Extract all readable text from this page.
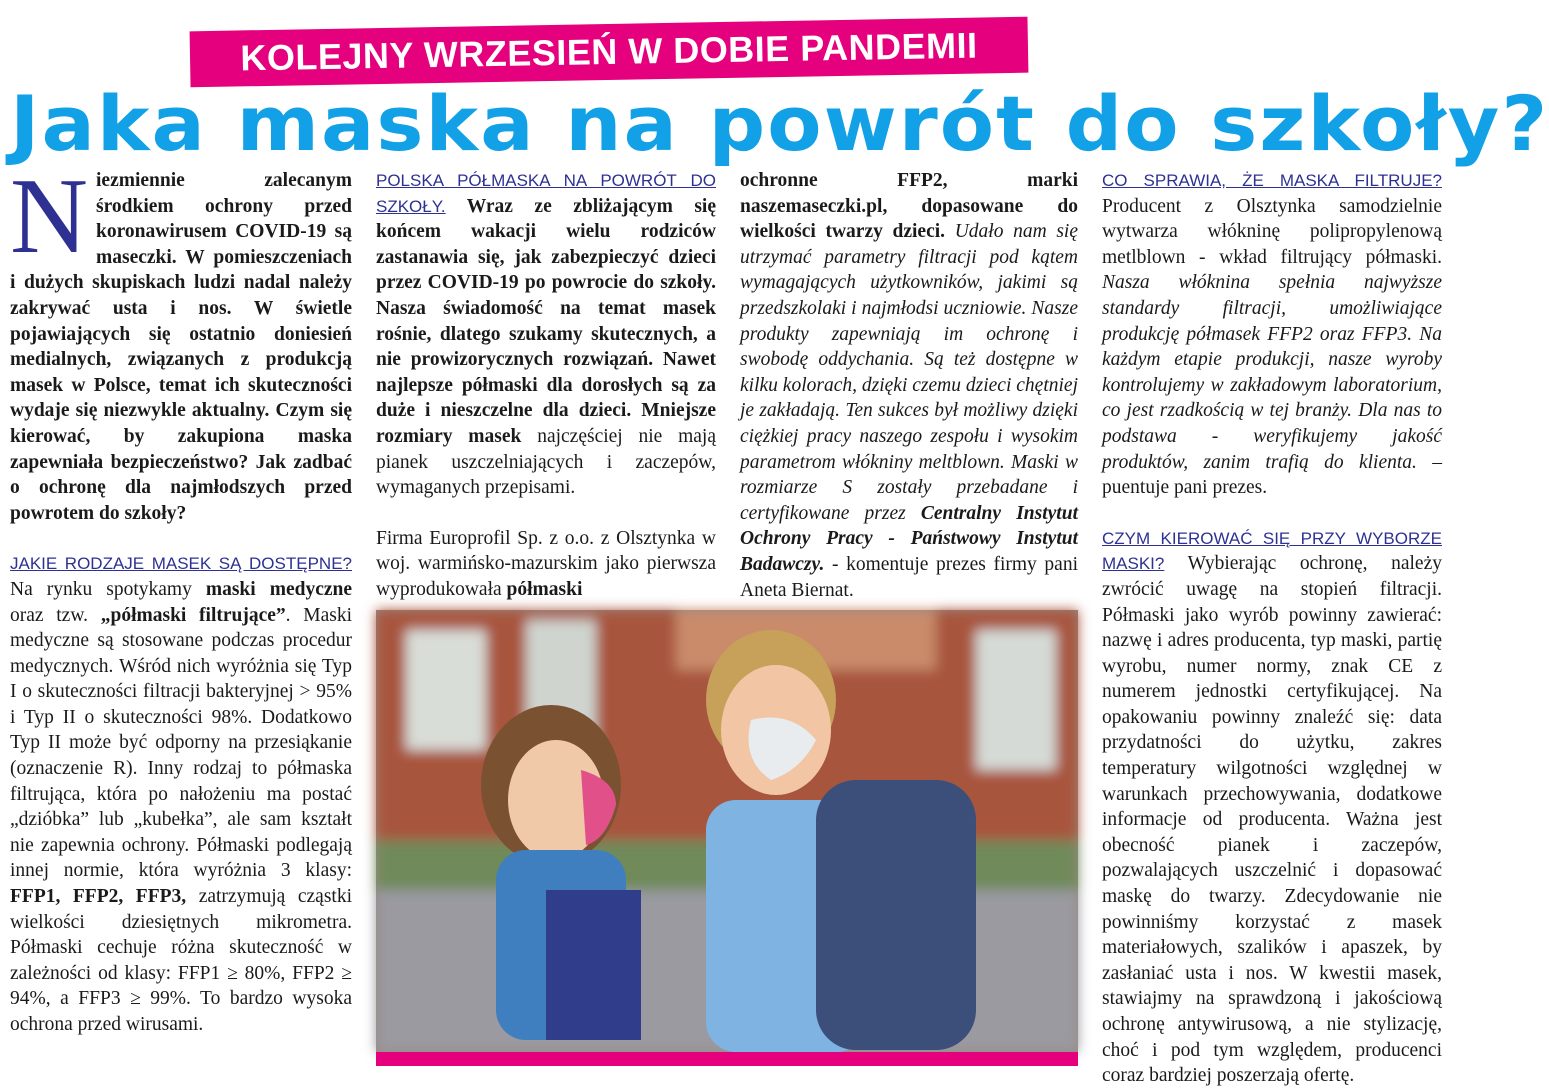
KOLEJNY WRZESIEŃ W DOBIE PANDEMII
Jaka maska na powrót do szkoły?

Niezmiennie zalecanym środkiem ochrony przed koronawirusem COVID-19 są maseczki. W pomieszczeniach i dużych skupiskach ludzi nadal należy zakrywać usta i nos. W świetle pojawiających się ostatnio doniesień medialnych, związanych z produkcją masek w Polsce, temat ich skuteczności wydaje się niezwykle aktualny. Czym się kierować, by zakupiona maska zapewniała bezpieczeństwo? Jak zadbać o ochronę dla najmłodszych przed powrotem do szkoły?

JAKIE RODZAJE MASEK SĄ DOSTĘPNE? Na rynku spotykamy maski medyczne oraz tzw. „półmaski filtrujące”. Maski medyczne są stosowane podczas procedur medycznych. Wśród nich wyróżnia się Typ I o skuteczności filtracji bakteryjnej > 95% i Typ II o skuteczności 98%. Dodatkowo Typ II może być odporny na przesiąkanie (oznaczenie R). Inny rodzaj to półmaska filtrująca, która po nałożeniu ma postać „dzióbka” lub „kubełka”, ale sam kształt nie zapewnia ochrony. Półmaski podlegają innej normie, która wyróżnia 3 klasy: FFP1, FFP2, FFP3, zatrzymują cząstki wielkości dziesiętnych mikrometra. Półmaski cechuje różna skuteczność w zależności od klasy: FFP1 ≥ 80%, FFP2 ≥ 94%, a FFP3 ≥ 99%. To bardzo wysoka ochrona przed wirusami.

POLSKA PÓŁMASKA NA POWRÓT DO SZKOŁY. Wraz ze zbliżającym się końcem wakacji wielu rodziców zastanawia się, jak zabezpieczyć dzieci przez COVID-19 po powrocie do szkoły. Nasza świadomość na temat masek rośnie, dlatego szukamy skutecznych, a nie prowizorycznych rozwiązań. Nawet najlepsze półmaski dla dorosłych są za duże i nieszczelne dla dzieci. Mniejsze rozmiary masek najczęściej nie mają pianek uszczelniających i zaczepów, wymaganych przepisami.

Firma Europrofil Sp. z o.o. z Olsztynka w woj. warmińsko-mazurskim jako pierwsza wyprodukowała półmaski

ochronne FFP2, marki naszemaseczki.pl, dopasowane do wielkości twarzy dzieci. Udało nam się utrzymać parametry filtracji pod kątem wymagających użytkowników, jakimi są przedszkolaki i najmłodsi uczniowie. Nasze produkty zapewniają im ochronę i swobodę oddychania. Są też dostępne w kilku kolorach, dzięki czemu dzieci chętniej je zakładają. Ten sukces był możliwy dzięki ciężkiej pracy naszego zespołu i wysokim parametrom włókniny meltblown. Maski w rozmiarze S zostały przebadane i certyfikowane przez Centralny Instytut Ochrony Pracy - Państwowy Instytut Badawczy. - komentuje prezes firmy pani Aneta Biernat.

CO SPRAWIA, ŻE MASKA FILTRUJE? Producent z Olsztynka samodzielnie wytwarza włókninę polipropylenową metlblown - wkład filtrujący półmaski. Nasza włóknina spełnia najwyższe standardy filtracji, umożliwiające produkcję półmasek FFP2 oraz FFP3. Na każdym etapie produkcji, nasze wyroby kontrolujemy w zakładowym laboratorium, co jest rzadkością w tej branży. Dla nas to podstawa - weryfikujemy jakość produktów, zanim trafią do klienta. – puentuje pani prezes.

CZYM KIEROWAĆ SIĘ PRZY WYBORZE MASKI? Wybierając ochronę, należy zwrócić uwagę na stopień filtracji. Półmaski jako wyrób powinny zawierać: nazwę i adres producenta, typ maski, partię wyrobu, numer normy, znak CE z numerem jednostki certyfikującej. Na opakowaniu powinny znaleźć się: data przydatności do użytku, zakres temperatury wilgotności względnej w warunkach przechowywania, dodatkowe informacje od producenta. Ważna jest obecność pianek i zaczepów, pozwalających uszczelnić i dopasować maskę do twarzy. Zdecydowanie nie powinniśmy korzystać z masek materiałowych, szalików i apaszek, by zasłaniać usta i nos. W kwestii masek, stawiajmy na sprawdzoną i jakościową ochronę antywirusową, a nie stylizację, choć i pod tym względem, producenci coraz bardziej poszerzają ofertę.
